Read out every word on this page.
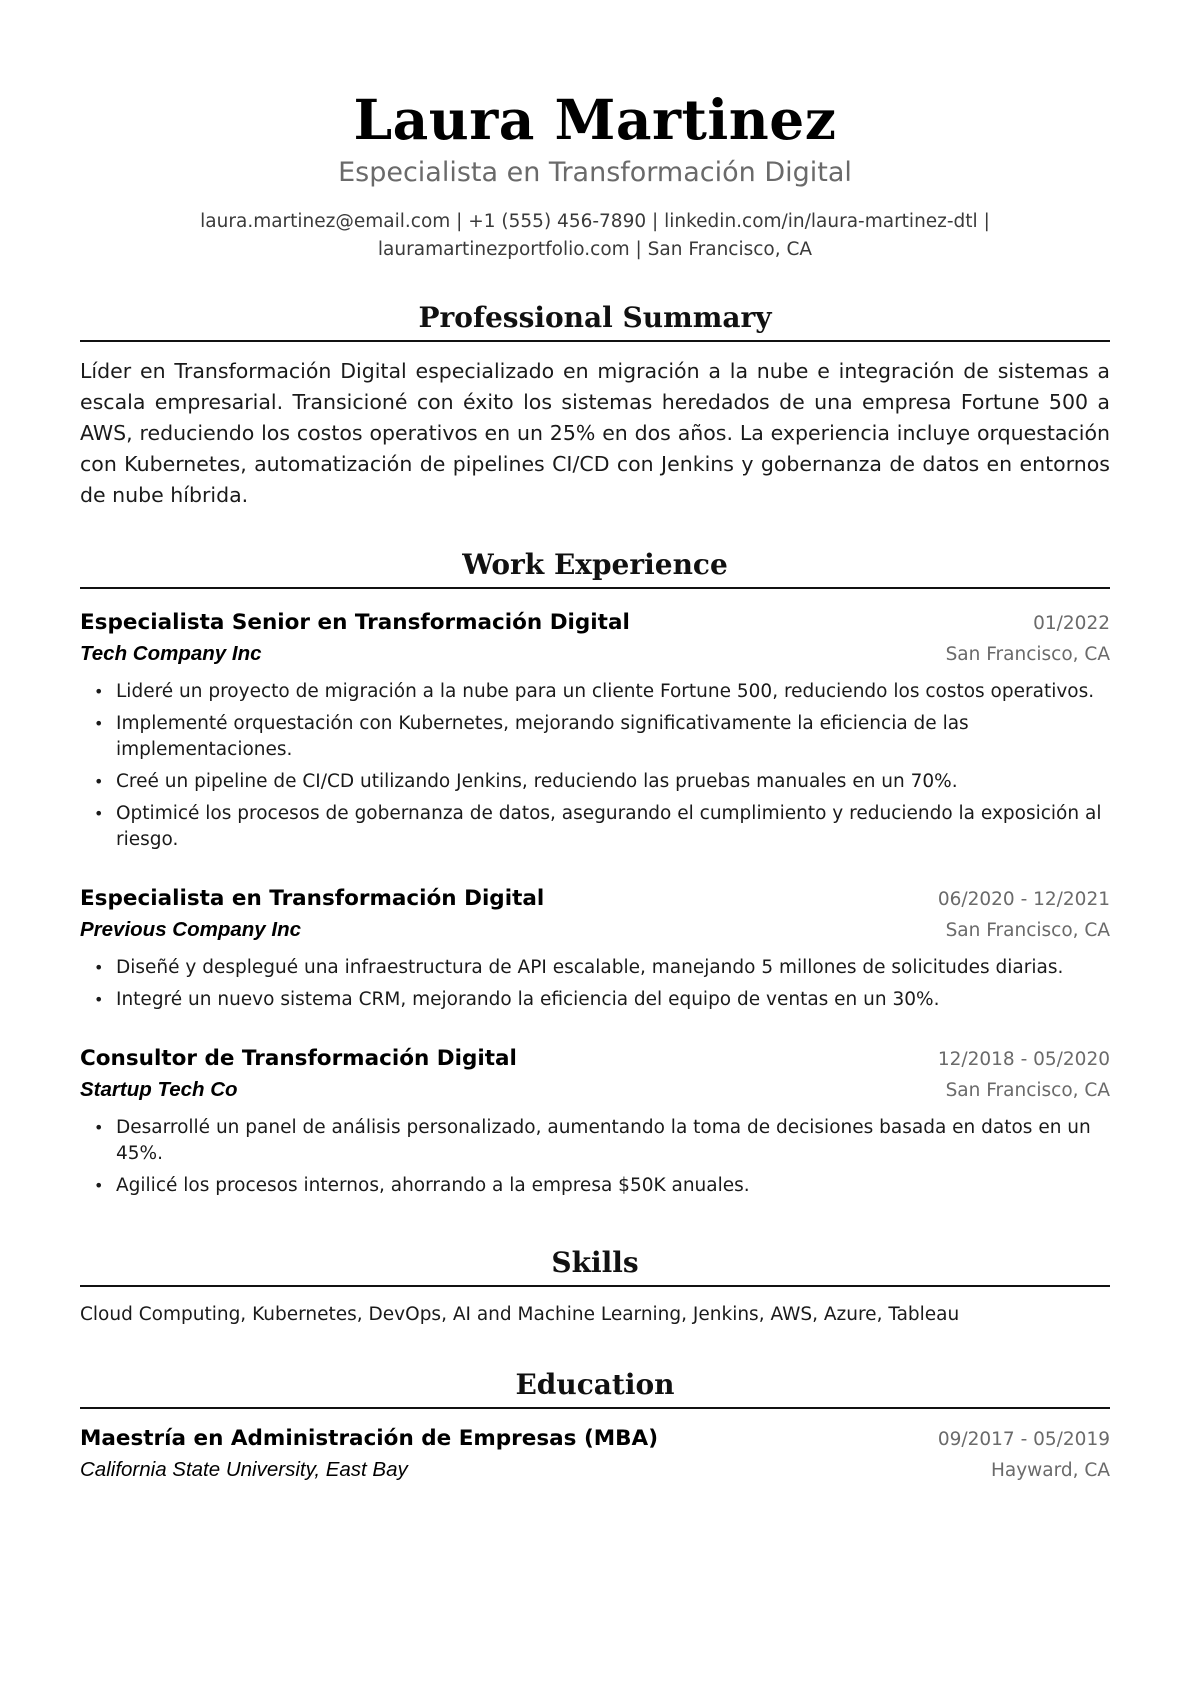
Laura Martinez
Especialista en Transformación Digital
laura.martinez@email.com | +1 (555) 456-7890 | linkedin.com/in/laura-martinez-dtl |
lauramartinezportfolio.com | San Francisco, CA
Professional Summary
Líder en Transformación Digital especializado en migración a la nube e integración de sistemas a escala empresarial. Transicioné con éxito los sistemas heredados de una empresa Fortune 500 a AWS, reduciendo los costos operativos en un 25% en dos años. La experiencia incluye orquestación con Kubernetes, automatización de pipelines CI/CD con Jenkins y gobernanza de datos en entornos de nube híbrida.
Work Experience
Especialista Senior en Transformación Digital	01/2022
Tech Company Inc	San Francisco, CA
• Lideré un proyecto de migración a la nube para un cliente Fortune 500, reduciendo los costos operativos.
• Implementé orquestación con Kubernetes, mejorando significativamente la eficiencia de las implementaciones.
• Creé un pipeline de CI/CD utilizando Jenkins, reduciendo las pruebas manuales en un 70%.
• Optimicé los procesos de gobernanza de datos, asegurando el cumplimiento y reduciendo la exposición al riesgo.
Especialista en Transformación Digital	06/2020 - 12/2021
Previous Company Inc	San Francisco, CA
• Diseñé y desplegué una infraestructura de API escalable, manejando 5 millones de solicitudes diarias.
• Integré un nuevo sistema CRM, mejorando la eficiencia del equipo de ventas en un 30%.
Consultor de Transformación Digital	12/2018 - 05/2020
Startup Tech Co	San Francisco, CA
• Desarrollé un panel de análisis personalizado, aumentando la toma de decisiones basada en datos en un 45%.
• Agilicé los procesos internos, ahorrando a la empresa $50K anuales.
Skills
Cloud Computing, Kubernetes, DevOps, AI and Machine Learning, Jenkins, AWS, Azure, Tableau
Education
Maestría en Administración de Empresas (MBA)	09/2017 - 05/2019
California State University, East Bay	Hayward, CA
